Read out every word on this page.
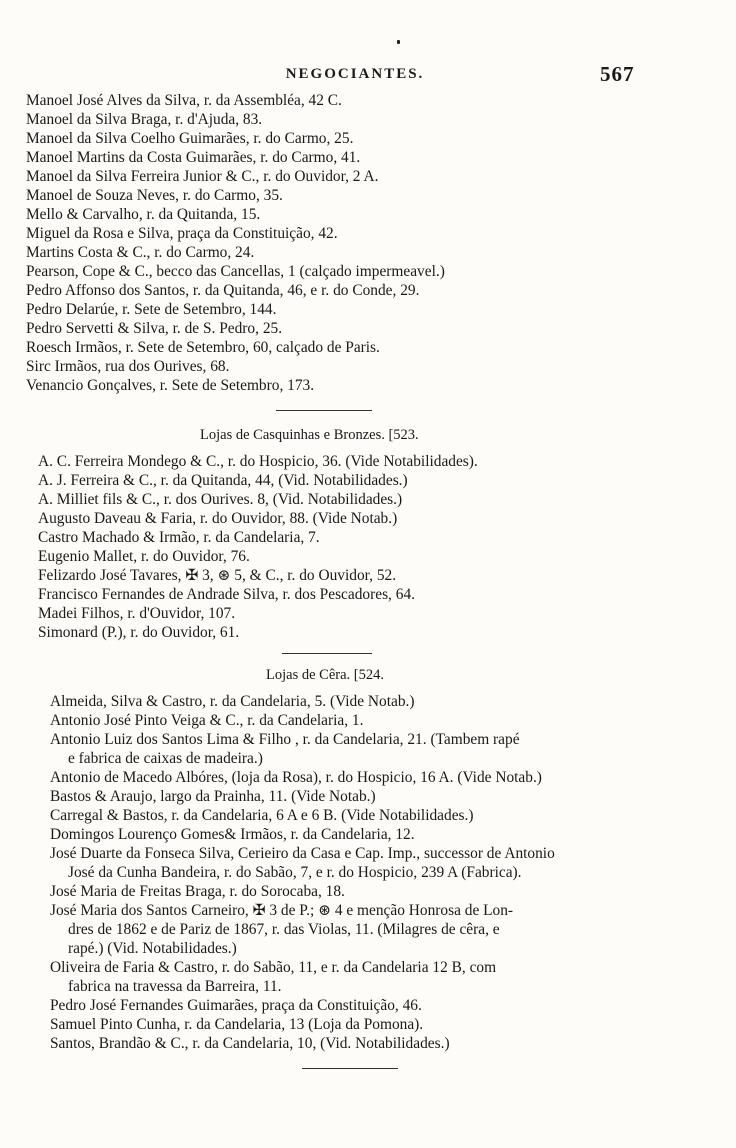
NEGOCIANTES.	567
Manoel José Alves da Silva, r. da Assembléa, 42 C.
Manoel da Silva Braga, r. d'Ajuda, 83.
Manoel da Silva Coelho Guimarães, r. do Carmo, 25.
Manoel Martins da Costa Guimarães, r. do Carmo, 41.
Manoel da Silva Ferreira Junior & C., r. do Ouvidor, 2 A.
Manoel de Souza Neves, r. do Carmo, 35.
Mello & Carvalho, r. da Quitanda, 15.
Miguel da Rosa e Silva, praça da Constituição, 42.
Martins Costa & C., r. do Carmo, 24.
Pearson, Cope & C., becco das Cancellas, 1 (calçado impermeavel.)
Pedro Affonso dos Santos, r. da Quitanda, 46, e r. do Conde, 29.
Pedro Delarúe, r. Sete de Setembro, 144.
Pedro Servetti & Silva, r. de S. Pedro, 25.
Roesch Irmãos, r. Sete de Setembro, 60, calçado de Paris.
Sirc Irmãos, rua dos Ourives, 68.
Venancio Gonçalves, r. Sete de Setembro, 173.
Lojas de Casquinhas e Bronzes. [523.
A. C. Ferreira Mondego & C., r. do Hospicio, 36. (Vide Notabilidades).
A. J. Ferreira & C., r. da Quitanda, 44, (Vid. Notabilidades.)
A. Milliet fils & C., r. dos Ourives. 8, (Vid. Notabilidades.)
Augusto Daveau & Faria, r. do Ouvidor, 88. (Vide Notab.)
Castro Machado & Irmão, r. da Candelaria, 7.
Eugenio Mallet, r. do Ouvidor, 76.
Felizardo José Tavares, ✠ 3, ⊛ 5, & C., r. do Ouvidor, 52.
Francisco Fernandes de Andrade Silva, r. dos Pescadores, 64.
Madei Filhos, r. d'Ouvidor, 107.
Simonard (P.), r. do Ouvidor, 61.
Lojas de Cêra. [524.
Almeida, Silva & Castro, r. da Candelaria, 5. (Vide Notab.)
Antonio José Pinto Veiga & C., r. da Candelaria, 1.
Antonio Luiz dos Santos Lima & Filho , r. da Candelaria, 21. (Tambem rapé
e fabrica de caixas de madeira.)
Antonio de Macedo Albóres, (loja da Rosa), r. do Hospicio, 16 A. (Vide Notab.)
Bastos & Araujo, largo da Prainha, 11. (Vide Notab.)
Carregal & Bastos, r. da Candelaria, 6 A e 6 B. (Vide Notabilidades.)
Domingos Lourenço Gomes& Irmãos, r. da Candelaria, 12.
José Duarte da Fonseca Silva, Cerieiro da Casa e Cap. Imp., successor de Antonio
José da Cunha Bandeira, r. do Sabão, 7, e r. do Hospicio, 239 A (Fabrica).
José Maria de Freitas Braga, r. do Sorocaba, 18.
José Maria dos Santos Carneiro, ✠ 3 de P.; ⊛ 4 e menção Honrosa de Lon-
dres de 1862 e de Pariz de 1867, r. das Violas, 11. (Milagres de cêra, e
rapé.) (Vid. Notabilidades.)
Oliveira de Faria & Castro, r. do Sabão, 11, e r. da Candelaria 12 B, com
fabrica na travessa da Barreira, 11.
Pedro José Fernandes Guimarães, praça da Constituição, 46.
Samuel Pinto Cunha, r. da Candelaria, 13 (Loja da Pomona).
Santos, Brandão & C., r. da Candelaria, 10, (Vid. Notabilidades.)
